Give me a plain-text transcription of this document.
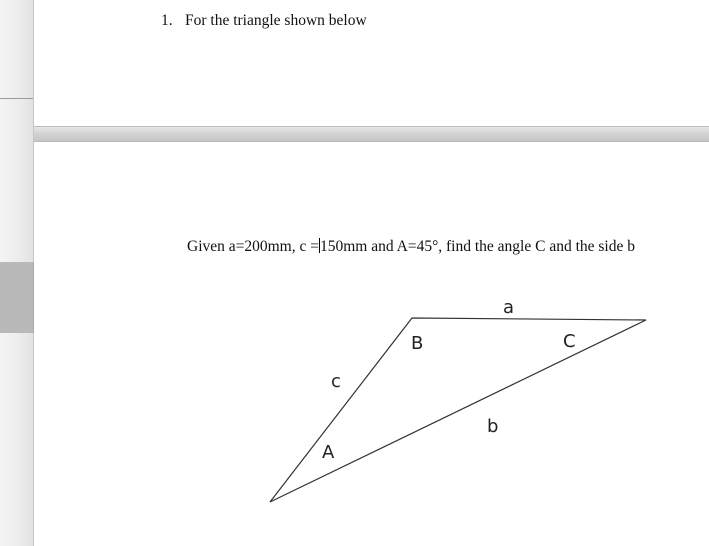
1. For the triangle shown below
Given a=200mm, c =150mm and A=45°, find the angle C and the side b
a
B	C
c
b
A
